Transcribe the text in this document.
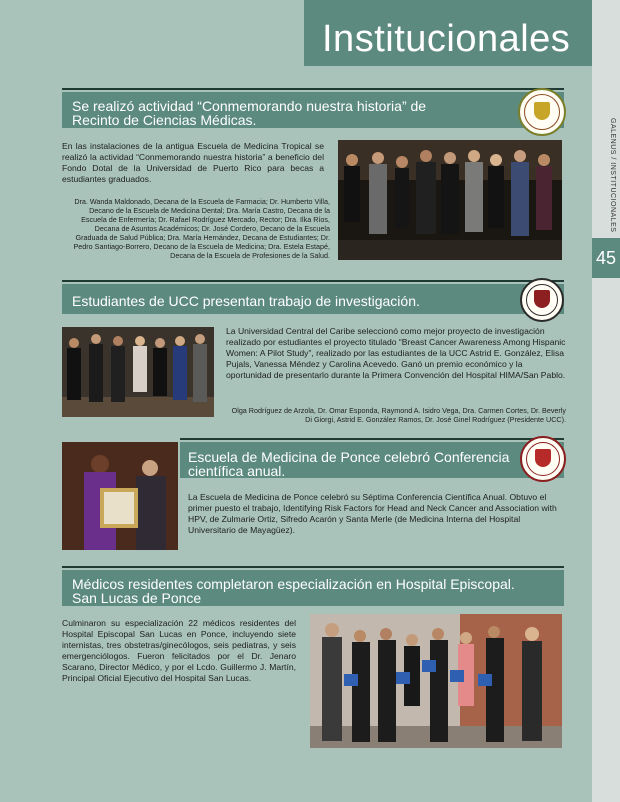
GALENUS / INSTITUCIONALES
45
Institucionales
Se realizó actividad “Conmemorando nuestra historia” de
Recinto de Ciencias Médicas.
En las instalaciones de la antigua Escuela de Medicina Tropical se realizó la actividad “Conmemorando nuestra historia” a beneficio del Fondo Dotal de la Universidad de Puerto Rico para becas a estudiantes graduados.
Dra. Wanda Maldonado, Decana de la Escuela de Farmacia; Dr. Humberto Villa, Decano de la Escuela de Medicina Dental; Dra. María Castro, Decana de la Escuela de Enfermería; Dr. Rafael Rodríguez Mercado, Rector; Dra. Ilka Ríos, Decana de Asuntos Académicos; Dr. José Cordero, Decano de la Escuela Graduada de Salud Pública; Dra. María Hernández, Decana de Estudiantes; Dr. Pedro Santiago-Borrero, Decano de la Escuela de Medicina; Dra. Estela Estapé, Decana de la Escuela de Profesiones de la Salud.
Estudiantes de UCC presentan trabajo de investigación.
La Universidad Central del Caribe seleccionó como mejor proyecto de investigación realizado por estudiantes el proyecto titulado “Breast Cancer Awareness Among Hispanic Women: A Pilot Study”, realizado por las estudiantes de la UCC Astrid E. González, Elisa Pujals, Vanessa Méndez y Carolina Acevedo. Ganó un premio económico y la oportunidad de presentarlo durante la Primera Convención del Hospital HIMA/San Pablo.
Olga Rodríguez de Arzola, Dr. Omar Esponda, Raymond A. Isidro Vega, Dra. Carmen Cortes, Dr. Beverly Di Giorgi, Astrid E. González Ramos, Dr. José Ginel Rodríguez (Presidente UCC).
Escuela de Medicina de Ponce celebró Conferencia
científica anual.
La Escuela de Medicina de Ponce celebró su Séptima Conferencia Científica Anual. Obtuvo el primer puesto el trabajo, Identifying Risk Factors for Head and Neck Cancer and Association with HPV, de Zulmarie Ortiz, Sifredo Acarón y Santa Merle (de Medicina Interna del Hospital Universitario de Mayagüez).
Médicos residentes completaron especialización en Hospital Episcopal.
San Lucas de Ponce
Culminaron su especialización 22 médicos residentes del Hospital Episcopal San Lucas en Ponce, incluyendo siete internistas, tres obstetras/ginecólogos, seis pediatras, y seis emergenciólogos. Fueron felicitados por el Dr. Jenaro Scarano, Director Médico, y por el Lcdo. Guillermo J. Martín, Principal Oficial Ejecutivo del Hospital San Lucas.
